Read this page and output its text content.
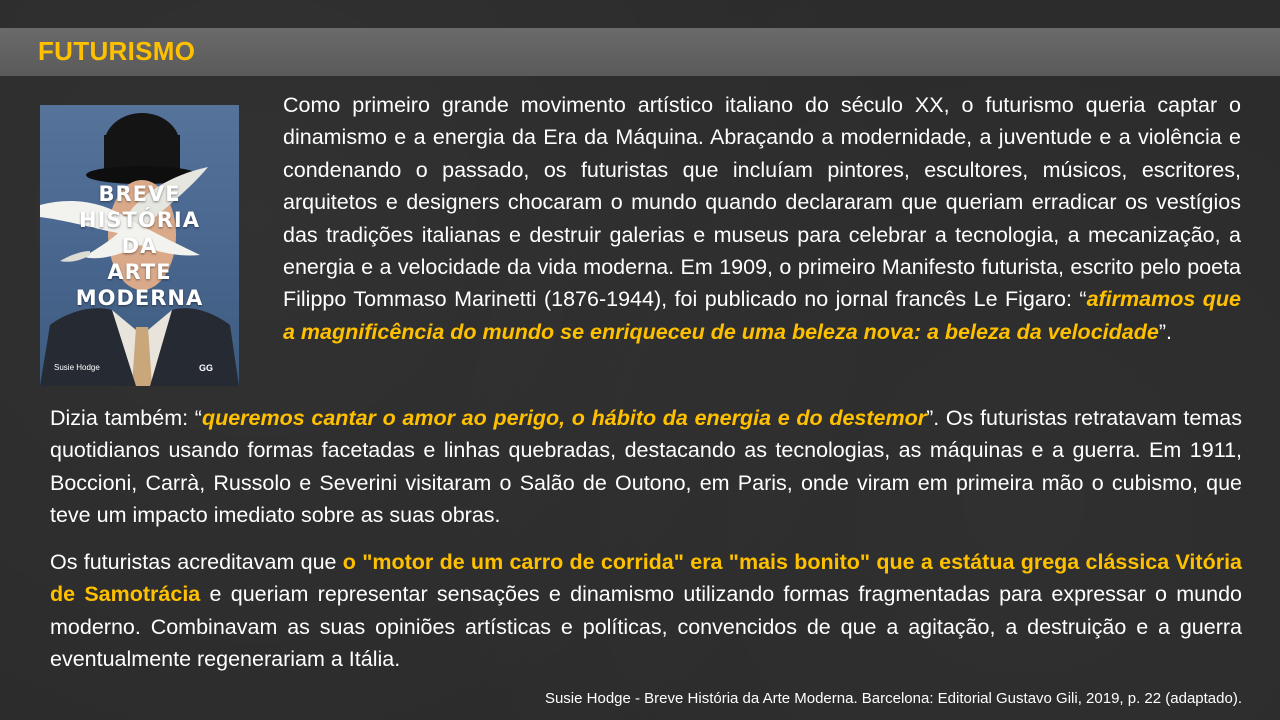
FUTURISMO
BREVE
HISTÓRIA
DA
ARTE
MODERNA
Susie Hodge	GG
Como primeiro grande movimento artístico italiano do século XX, o futurismo queria captar o dinamismo e a energia da Era da Máquina. Abraçando a modernidade, a juventude e a violência e condenando o passado, os futuristas que incluíam pintores, escultores, músicos, escritores, arquitetos e designers chocaram o mundo quando declararam que queriam erradicar os vestígios das tradições italianas e destruir galerias e museus para celebrar a tecnologia, a mecanização, a energia e a velocidade da vida moderna. Em 1909, o primeiro Manifesto futurista, escrito pelo poeta Filippo Tommaso Marinetti (1876-1944), foi publicado no jornal francês Le Figaro: “afirmamos que a magnificência do mundo se enriqueceu de uma beleza nova: a beleza da velocidade”.
Dizia também: “queremos cantar o amor ao perigo, o hábito da energia e do destemor”. Os futuristas retratavam temas quotidianos usando formas facetadas e linhas quebradas, destacando as tecnologias, as máquinas e a guerra. Em 1911, Boccioni, Carrà, Russolo e Severini visitaram o Salão de Outono, em Paris, onde viram em primeira mão o cubismo, que teve um impacto imediato sobre as suas obras.
Os futuristas acreditavam que o "motor de um carro de corrida" era "mais bonito" que a estátua grega clássica Vitória de Samotrácia e queriam representar sensações e dinamismo utilizando formas fragmentadas para expressar o mundo moderno. Combinavam as suas opiniões artísticas e políticas, convencidos de que a agitação, a destruição e a guerra eventualmente regenerariam a Itália.
Susie Hodge - Breve História da Arte Moderna. Barcelona: Editorial Gustavo Gili, 2019, p. 22 (adaptado).
